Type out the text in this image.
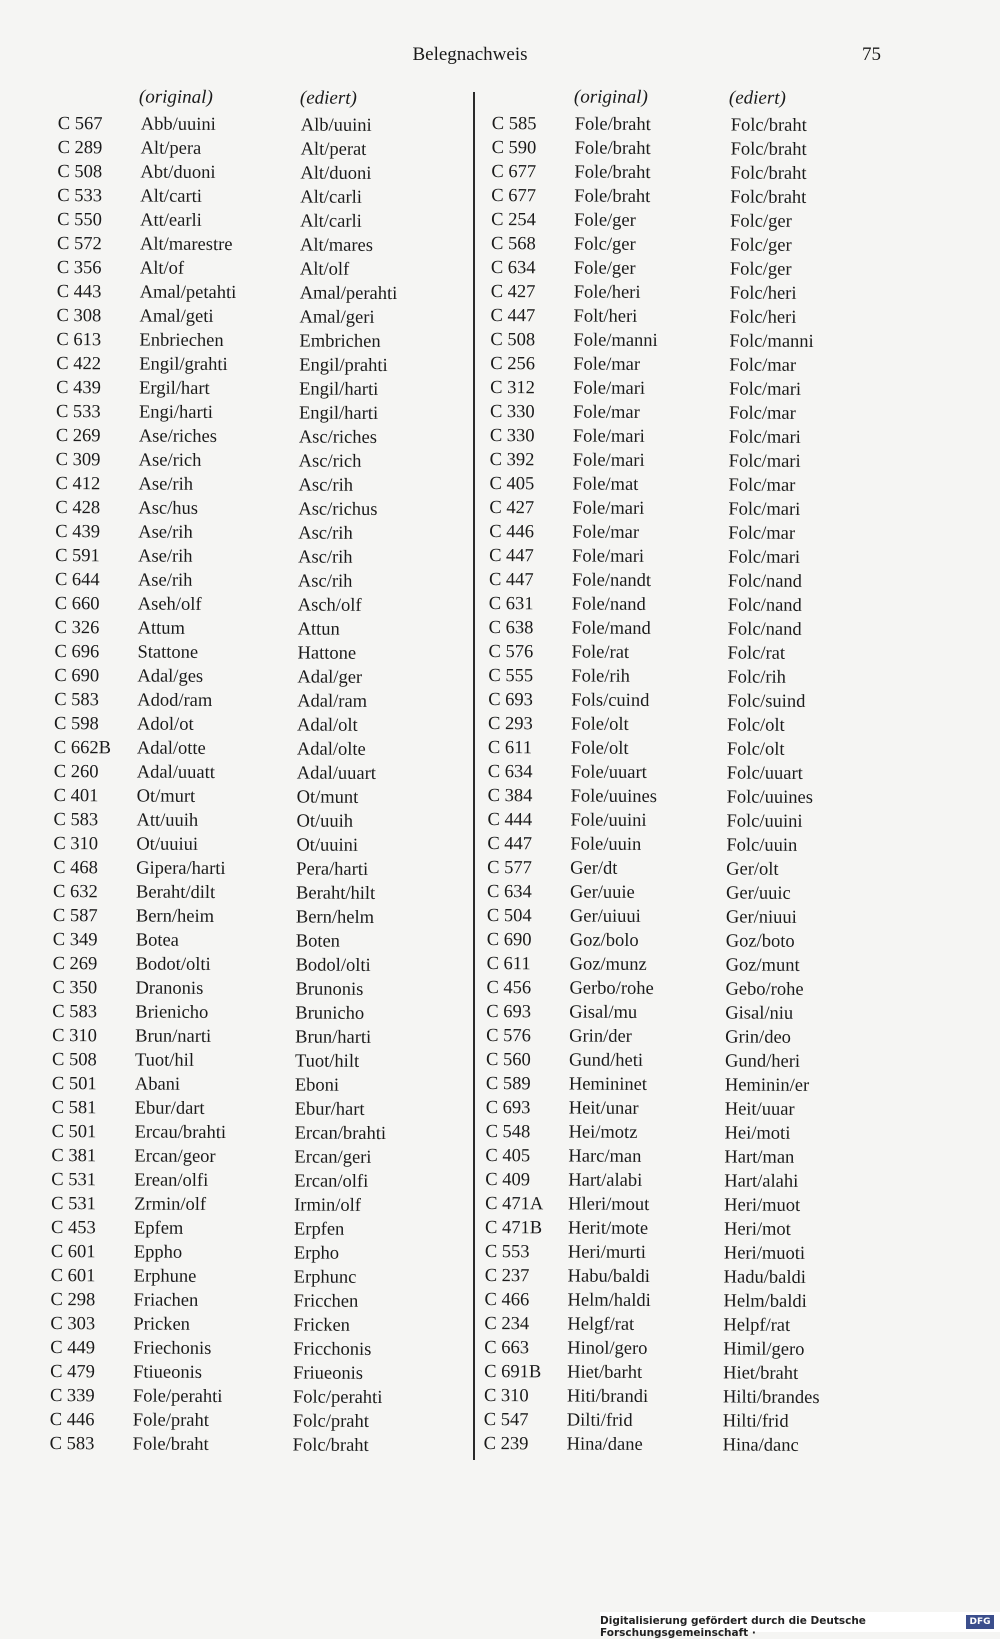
Belegnachweis	75
(original)	(ediert)
C 567 Abb/uuini	Alb/uuini
C 289 Alt/pera	Alt/perat
C 508 Abt/duoni	Alt/duoni
C 533 Alt/carti	Alt/carli
C 550 Att/earli	Alt/carli
C 572 Alt/marestre	Alt/mares
C 356 Alt/of	Alt/olf
C 443 Amal/petahti	Amal/perahti
C 308 Amal/geti	Amal/geri
C 613 Enbriechen	Embrichen
C 422 Engil/grahti	Engil/prahti
C 439 Ergil/hart	Engil/harti
C 533 Engi/harti	Engil/harti
C 269 Ase/riches	Asc/riches
C 309 Ase/rich	Asc/rich
C 412 Ase/rih	Asc/rih
C 428 Asc/hus	Asc/richus
C 439 Ase/rih	Asc/rih
C 591 Ase/rih	Asc/rih
C 644 Ase/rih	Asc/rih
C 660 Aseh/olf	Asch/olf
C 326 Attum	Attun
C 696 Stattone	Hattone
C 690 Adal/ges	Adal/ger
C 583 Adod/ram	Adal/ram
C 598 Adol/ot	Adal/olt
C 662B Adal/otte	Adal/olte
C 260 Adal/uuatt	Adal/uuart
C 401 Ot/murt	Ot/munt
C 583 Att/uuih	Ot/uuih
C 310 Ot/uuiui	Ot/uuini
C 468 Gipera/harti	Pera/harti
C 632 Beraht/dilt	Beraht/hilt
C 587 Bern/heim	Bern/helm
C 349 Botea	Boten
C 269 Bodot/olti	Bodol/olti
C 350 Dranonis	Brunonis
C 583 Brienicho	Brunicho
C 310 Brun/narti	Brun/harti
C 508 Tuot/hil	Tuot/hilt
C 501 Abani	Eboni
C 581 Ebur/dart	Ebur/hart
C 501 Ercau/brahti	Ercan/brahti
C 381 Ercan/geor	Ercan/geri
C 531 Erean/olfi	Ercan/olfi
C 531 Zrmin/olf	Irmin/olf
C 453 Epfem	Erpfen
C 601 Eppho	Erpho
C 601 Erphune	Erphunc
C 298 Friachen	Fricchen
C 303 Pricken	Fricken
C 449 Friechonis	Fricchonis
C 479 Ftiueonis	Friueonis
C 339 Fole/perahti	Folc/perahti
C 446 Fole/praht	Folc/praht
C 583 Fole/braht	Folc/braht
(original)	(ediert)
C 585 Fole/braht	Folc/braht
C 590 Fole/braht	Folc/braht
C 677 Fole/braht	Folc/braht
C 677 Fole/braht	Folc/braht
C 254 Fole/ger	Folc/ger
C 568 Folc/ger	Folc/ger
C 634 Fole/ger	Folc/ger
C 427 Fole/heri	Folc/heri
C 447 Folt/heri	Folc/heri
C 508 Fole/manni	Folc/manni
C 256 Fole/mar	Folc/mar
C 312 Fole/mari	Folc/mari
C 330 Fole/mar	Folc/mar
C 330 Fole/mari	Folc/mari
C 392 Fole/mari	Folc/mari
C 405 Fole/mat	Folc/mar
C 427 Fole/mari	Folc/mari
C 446 Fole/mar	Folc/mar
C 447 Fole/mari	Folc/mari
C 447 Fole/nandt	Folc/nand
C 631 Fole/nand	Folc/nand
C 638 Fole/mand	Folc/nand
C 576 Fole/rat	Folc/rat
C 555 Fole/rih	Folc/rih
C 693 Fols/cuind	Folc/suind
C 293 Fole/olt	Folc/olt
C 611 Fole/olt	Folc/olt
C 634 Fole/uuart	Folc/uuart
C 384 Fole/uuines	Folc/uuines
C 444 Fole/uuini	Folc/uuini
C 447 Fole/uuin	Folc/uuin
C 577 Ger/dt	Ger/olt
C 634 Ger/uuie	Ger/uuic
C 504 Ger/uiuui	Ger/niuui
C 690 Goz/bolo	Goz/boto
C 611 Goz/munz	Goz/munt
C 456 Gerbo/rohe	Gebo/rohe
C 693 Gisal/mu	Gisal/niu
C 576 Grin/der	Grin/deo
C 560 Gund/heti	Gund/heri
C 589 Hemininet	Heminin/er
C 693 Heit/unar	Heit/uuar
C 548 Hei/motz	Hei/moti
C 405 Harc/man	Hart/man
C 409 Hart/alabi	Hart/alahi
C 471A Hleri/mout	Heri/muot
C 471B Herit/mote	Heri/mot
C 553 Heri/murti	Heri/muoti
C 237 Habu/baldi	Hadu/baldi
C 466 Helm/haldi	Helm/baldi
C 234 Helgf/rat	Helpf/rat
C 663 Hinol/gero	Himil/gero
C 691B Hiet/barht	Hiet/braht
C 310 Hiti/brandi	Hilti/brandes
C 547 Dilti/frid	Hilti/frid
C 239 Hina/dane	Hina/danc
Digitalisierung gefördert durch die Deutsche Forschungsgemeinschaft ·
DFG
